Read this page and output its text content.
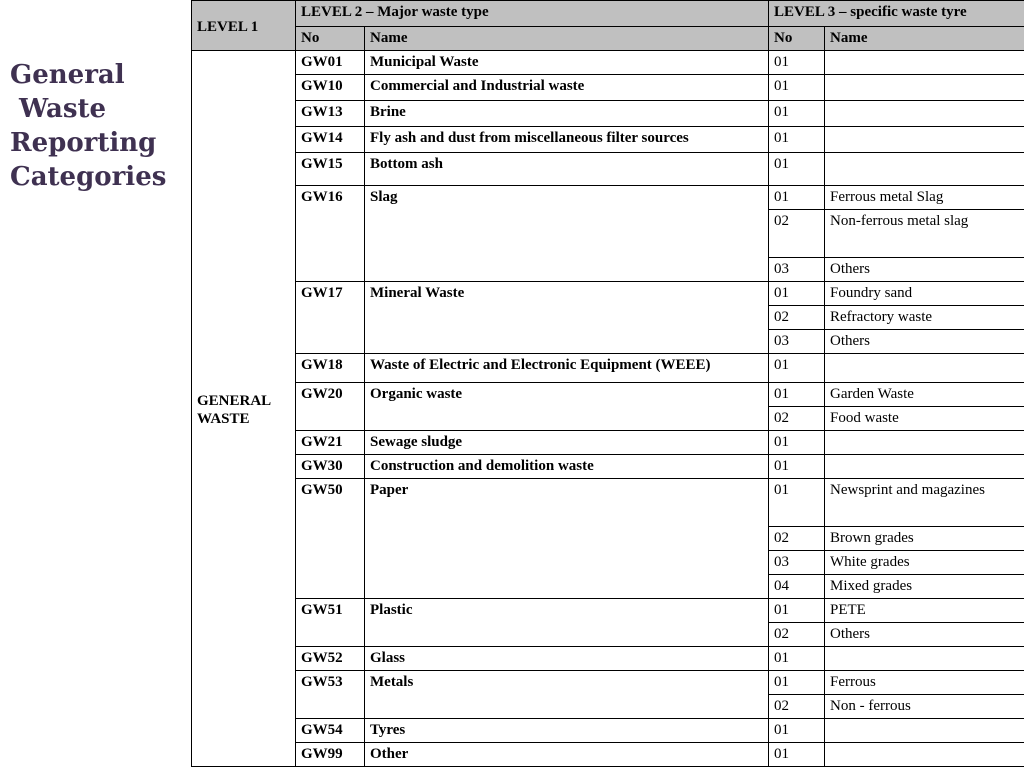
General
Waste
Reporting
Categories
LEVEL 1	LEVEL 2 – Major waste type		LEVEL 3 – specific waste tyre	
	No	Name	No	Name

GENERAL
WASTE	GW01	Municipal Waste	01	
	GW10	Commercial and Industrial waste	01	
	GW13	Brine	01	
	GW14	Fly ash and dust from miscellaneous filter sources	01	
	GW15	Bottom ash	01	
	GW16	Slag	01	Ferrous metal Slag
			02	Non-ferrous metal slag
			03	Others
	GW17	Mineral Waste	01	Foundry sand
			02	Refractory waste
			03	Others
	GW18	Waste of Electric and Electronic Equipment (WEEE)	01	
	GW20	Organic waste	01	Garden Waste
			02	Food waste
	GW21	Sewage sludge	01	
	GW30	Construction and demolition waste	01	
	GW50	Paper	01	Newsprint and magazines
			02	Brown grades
			03	White grades
			04	Mixed grades
	GW51	Plastic	01	PETE
			02	Others
	GW52	Glass	01	
	GW53	Metals	01	Ferrous
			02	Non - ferrous
	GW54	Tyres	01	
	GW99	Other	01	
